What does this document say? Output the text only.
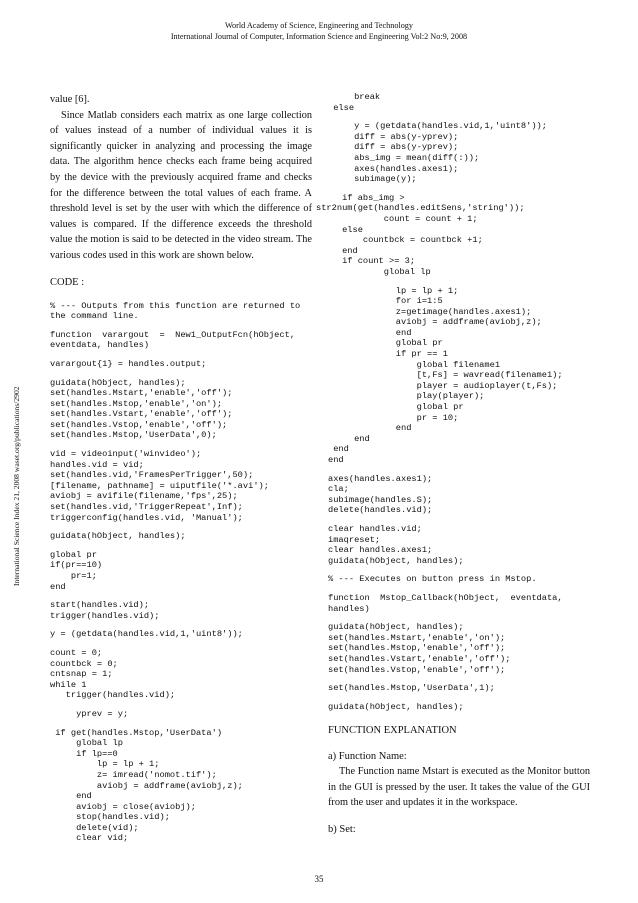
World Academy of Science, Engineering and Technology
International Journal of Computer, Information Science and Engineering Vol:2 No:9, 2008
International Science Index 21, 2008 waset.org/publications/2902
value [6].
Since Matlab considers each matrix as one large collection of values instead of a number of individual values it is significantly quicker in analyzing and processing the image data. The algorithm hence checks each frame being acquired by the device with the previously acquired frame and checks for the difference between the total values of each frame. A threshold level is set by the user with which the difference of values is compared. If the difference exceeds the threshold value the motion is said to be detected in the video stream. The various codes used in this work are shown below.
CODE :
% --- Outputs from this function are returned to the command line.
function  varargout  =  New1_OutputFcn(hObject, eventdata, handles)
varargout{1} = handles.output;
guidata(hObject, handles);
set(handles.Mstart,'enable','off');
set(handles.Mstop,'enable','on');
set(handles.Vstart,'enable','off');
set(handles.Vstop,'enable','off');
set(handles.Mstop,'UserData',0);
vid = videoinput('winvideo');
handles.vid = vid;
set(handles.vid,'FramesPerTrigger',50);
[filename, pathname] = uiputfile('*.avi');
aviobj = avifile(filename,'fps',25);
set(handles.vid,'TriggerRepeat',Inf);
triggerconfig(handles.vid, 'Manual');
guidata(hObject, handles);
global pr
if(pr==10)
pr=1;
end
start(handles.vid);
trigger(handles.vid);
y = (getdata(handles.vid,1,'uint8'));
count = 0;
countbck = 0;
cntsnap = 1;
while 1
trigger(handles.vid);
yprev = y;
if get(handles.Mstop,'UserData')
global lp
if lp==0
lp = lp + 1;
z= imread('nomot.tif');
aviobj = addframe(aviobj,z);
end
aviobj = close(aviobj);
stop(handles.vid);
delete(vid);
clear vid;
break
else
y = (getdata(handles.vid,1,'uint8'));
diff = abs(y-yprev);
diff = abs(y-yprev);
abs_img = mean(diff(:));
axes(handles.axes1);
subimage(y);
if abs_img >
str2num(get(handles.editSens,'string'));
count = count + 1;
else
countbck = countbck +1;
end
if count >= 3;
global lp
lp = lp + 1;
for i=1:5
z=getimage(handles.axes1);
aviobj = addframe(aviobj,z);
end
global pr
if pr == 1
global filename1
[t,Fs] = wavread(filename1);
player = audioplayer(t,Fs);
play(player);
global pr
pr = 10;
end
end
end
end
axes(handles.axes1);
cla;
subimage(handles.S);
delete(handles.vid);
clear handles.vid;
imaqreset;
clear handles.axes1;
guidata(hObject, handles);
% --- Executes on button press in Mstop.
function  Mstop_Callback(hObject,  eventdata, handles)
guidata(hObject, handles);
set(handles.Mstart,'enable','on');
set(handles.Mstop,'enable','off');
set(handles.Vstart,'enable','off');
set(handles.Vstop,'enable','off');
set(handles.Mstop,'UserData',1);
guidata(hObject, handles);
FUNCTION EXPLANATION
a) Function Name:
The Function name Mstart is executed as the Monitor button in the GUI is pressed by the user. It takes the value of the GUI from the user and updates it in the workspace.
b) Set:
35
